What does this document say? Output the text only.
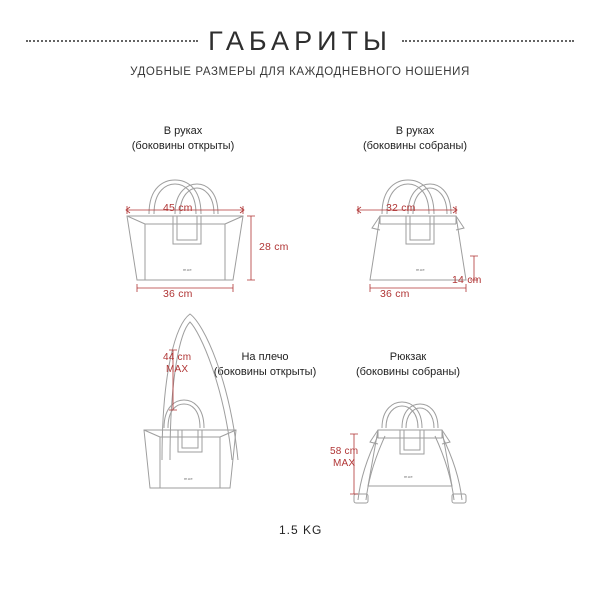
ГАБАРИТЫ
УДОБНЫЕ РАЗМЕРЫ ДЛЯ КАЖДОДНЕВНОГО НОШЕНИЯ
В руках
(боковины открыты)
В руках
(боковины собраны)
На плечо
(боковины открыты)
Рюкзак
(боковины собраны)
mue
45 cm
28 cm
36 cm
mue
32 cm
14 cm
36 cm
mue
44 cm
MAX
mue
58 cm
MAX
1.5 KG
